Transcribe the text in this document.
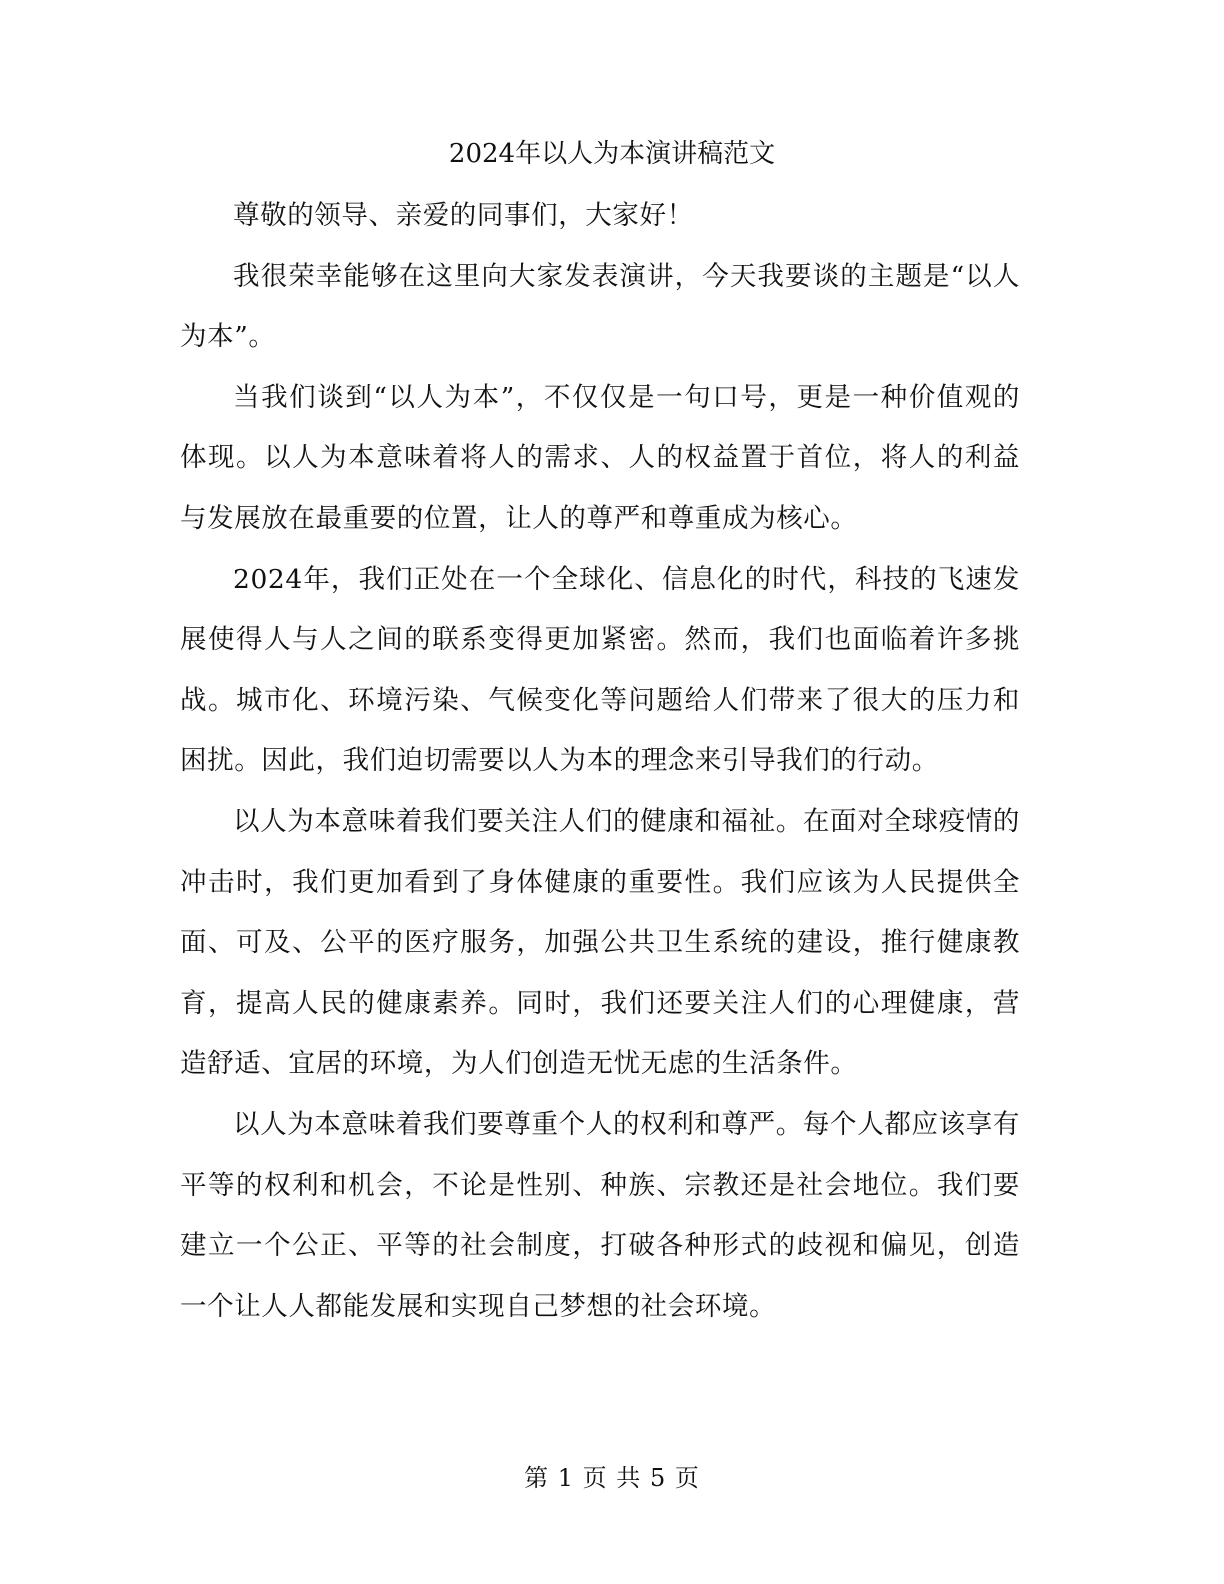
2024年以人为本演讲稿范文

尊敬的领导、亲爱的同事们，大家好！

我很荣幸能够在这里向大家发表演讲，今天我要谈的主题是“以人为本”。

当我们谈到“以人为本”，不仅仅是一句口号，更是一种价值观的体现。以人为本意味着将人的需求、人的权益置于首位，将人的利益与发展放在最重要的位置，让人的尊严和尊重成为核心。

2024年，我们正处在一个全球化、信息化的时代，科技的飞速发展使得人与人之间的联系变得更加紧密。然而，我们也面临着许多挑战。城市化、环境污染、气候变化等问题给人们带来了很大的压力和困扰。因此，我们迫切需要以人为本的理念来引导我们的行动。

以人为本意味着我们要关注人们的健康和福祉。在面对全球疫情的冲击时，我们更加看到了身体健康的重要性。我们应该为人民提供全面、可及、公平的医疗服务，加强公共卫生系统的建设，推行健康教育，提高人民的健康素养。同时，我们还要关注人们的心理健康，营造舒适、宜居的环境，为人们创造无忧无虑的生活条件。

以人为本意味着我们要尊重个人的权利和尊严。每个人都应该享有平等的权利和机会，不论是性别、种族、宗教还是社会地位。我们要建立一个公正、平等的社会制度，打破各种形式的歧视和偏见，创造一个让人人都能发展和实现自己梦想的社会环境。

第 1 页 共 5 页
